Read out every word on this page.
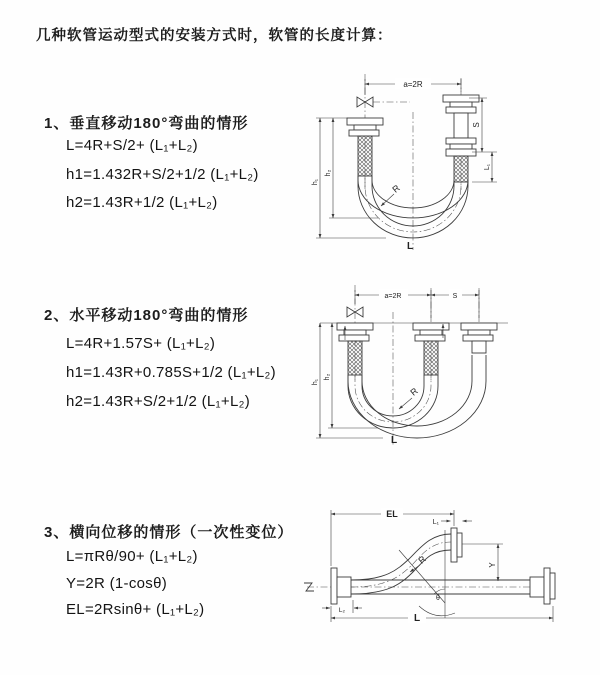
几种软管运动型式的安装方式时，软管的长度计算：
1、垂直移动180°弯曲的情形
L=4R+S/2+ (L₁+L₂)
h1=1.432R+S/2+1/2 (L₁+L₂)
h2=1.43R+1/2 (L₁+L₂)
2、水平移动180°弯曲的情形
L=4R+1.57S+ (L₁+L₂)
h1=1.43R+0.785S+1/2 (L₁+L₂)
h2=1.43R+S/2+1/2 (L₁+L₂)
3、横向位移的情形（一次性变位）
L=πRθ/90+ (L₁+L₂)
Y=2R (1-cosθ)
EL=2Rsinθ+ (L₁+L₂)
a=2R
h₁
h₂
S
L₁
R
L
a=2R	S
h₁
h₂
R
L
EL
L₁
θ
R	Y
L₂
L
